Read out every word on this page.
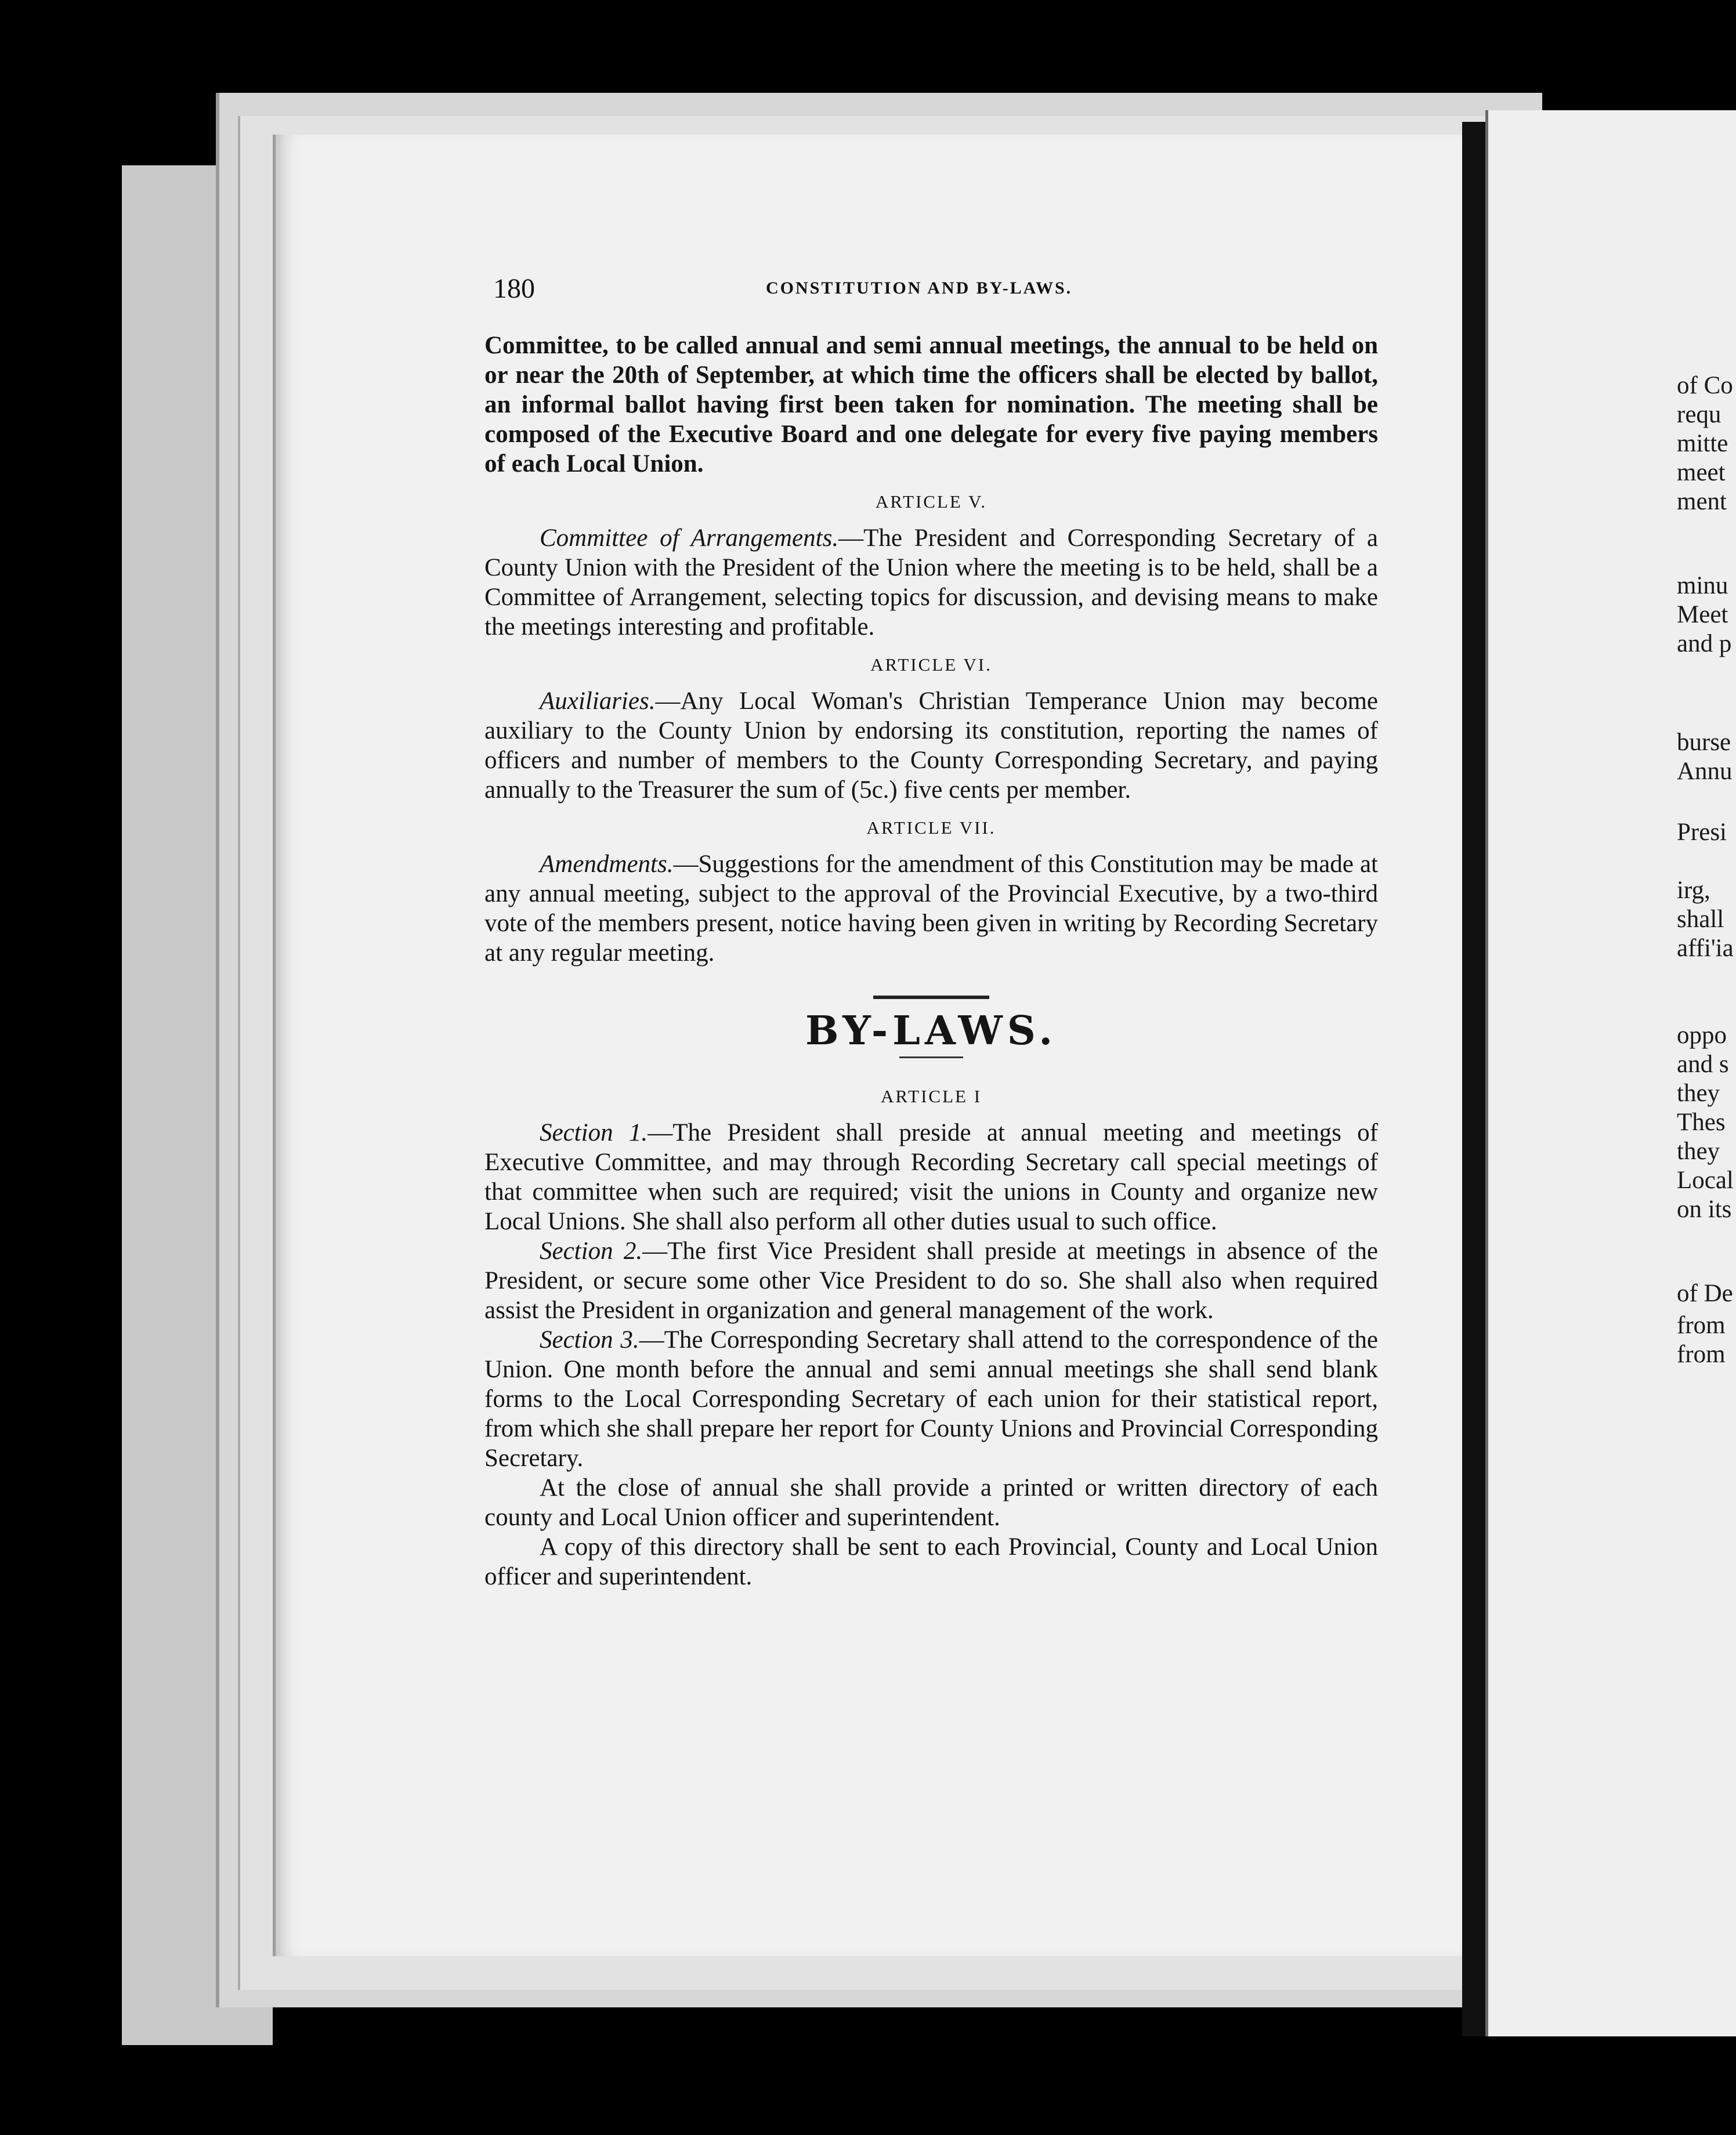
of Co
requ
mitte
meet
ment
minu
Meet
and p
burse
Annu
Presi
irg,
shall
affi'ia
oppo
and s
they
Thes
they
Local
on its
of De
from
from
180	CONSTITUTION AND BY-LAWS.

Committee, to be called annual and semi annual meetings, the annual to be held on or near the 20th of September, at which time the officers shall be elected by ballot, an informal ballot having first been taken for nomination. The meeting shall be composed of the Executive Board and one delegate for every five paying members of each Local Union.

ARTICLE V.

Committee of Arrangements.—The President and Corresponding Secretary of a County Union with the President of the Union where the meeting is to be held, shall be a Committee of Arrangement, selecting topics for discussion, and devising means to make the meetings interesting and profitable.

ARTICLE VI.

Auxiliaries.—Any Local Woman's Christian Temperance Union may become auxiliary to the County Union by endorsing its constitution, reporting the names of officers and number of members to the County Corresponding Secretary, and paying annually to the Treasurer the sum of (5c.) five cents per member.

ARTICLE VII.

Amendments.—Suggestions for the amendment of this Constitution may be made at any annual meeting, subject to the approval of the Provincial Executive, by a two-third vote of the members present, notice having been given in writing by Recording Secretary at any regular meeting.

BY-LAWS.
ARTICLE I

Section 1.—The President shall preside at annual meeting and meetings of Executive Committee, and may through Recording Secretary call special meetings of that committee when such are required; visit the unions in County and organize new Local Unions. She shall also perform all other duties usual to such office.

Section 2.—The first Vice President shall preside at meetings in absence of the President, or secure some other Vice President to do so. She shall also when required assist the President in organization and general management of the work.

Section 3.—The Corresponding Secretary shall attend to the correspondence of the Union. One month before the annual and semi annual meetings she shall send blank forms to the Local Corresponding Secretary of each union for their statistical report, from which she shall prepare her report for County Unions and Provincial Corresponding Secretary.

At the close of annual she shall provide a printed or written directory of each county and Local Union officer and superintendent.

A copy of this directory shall be sent to each Provincial, County and Local Union officer and superintendent.
